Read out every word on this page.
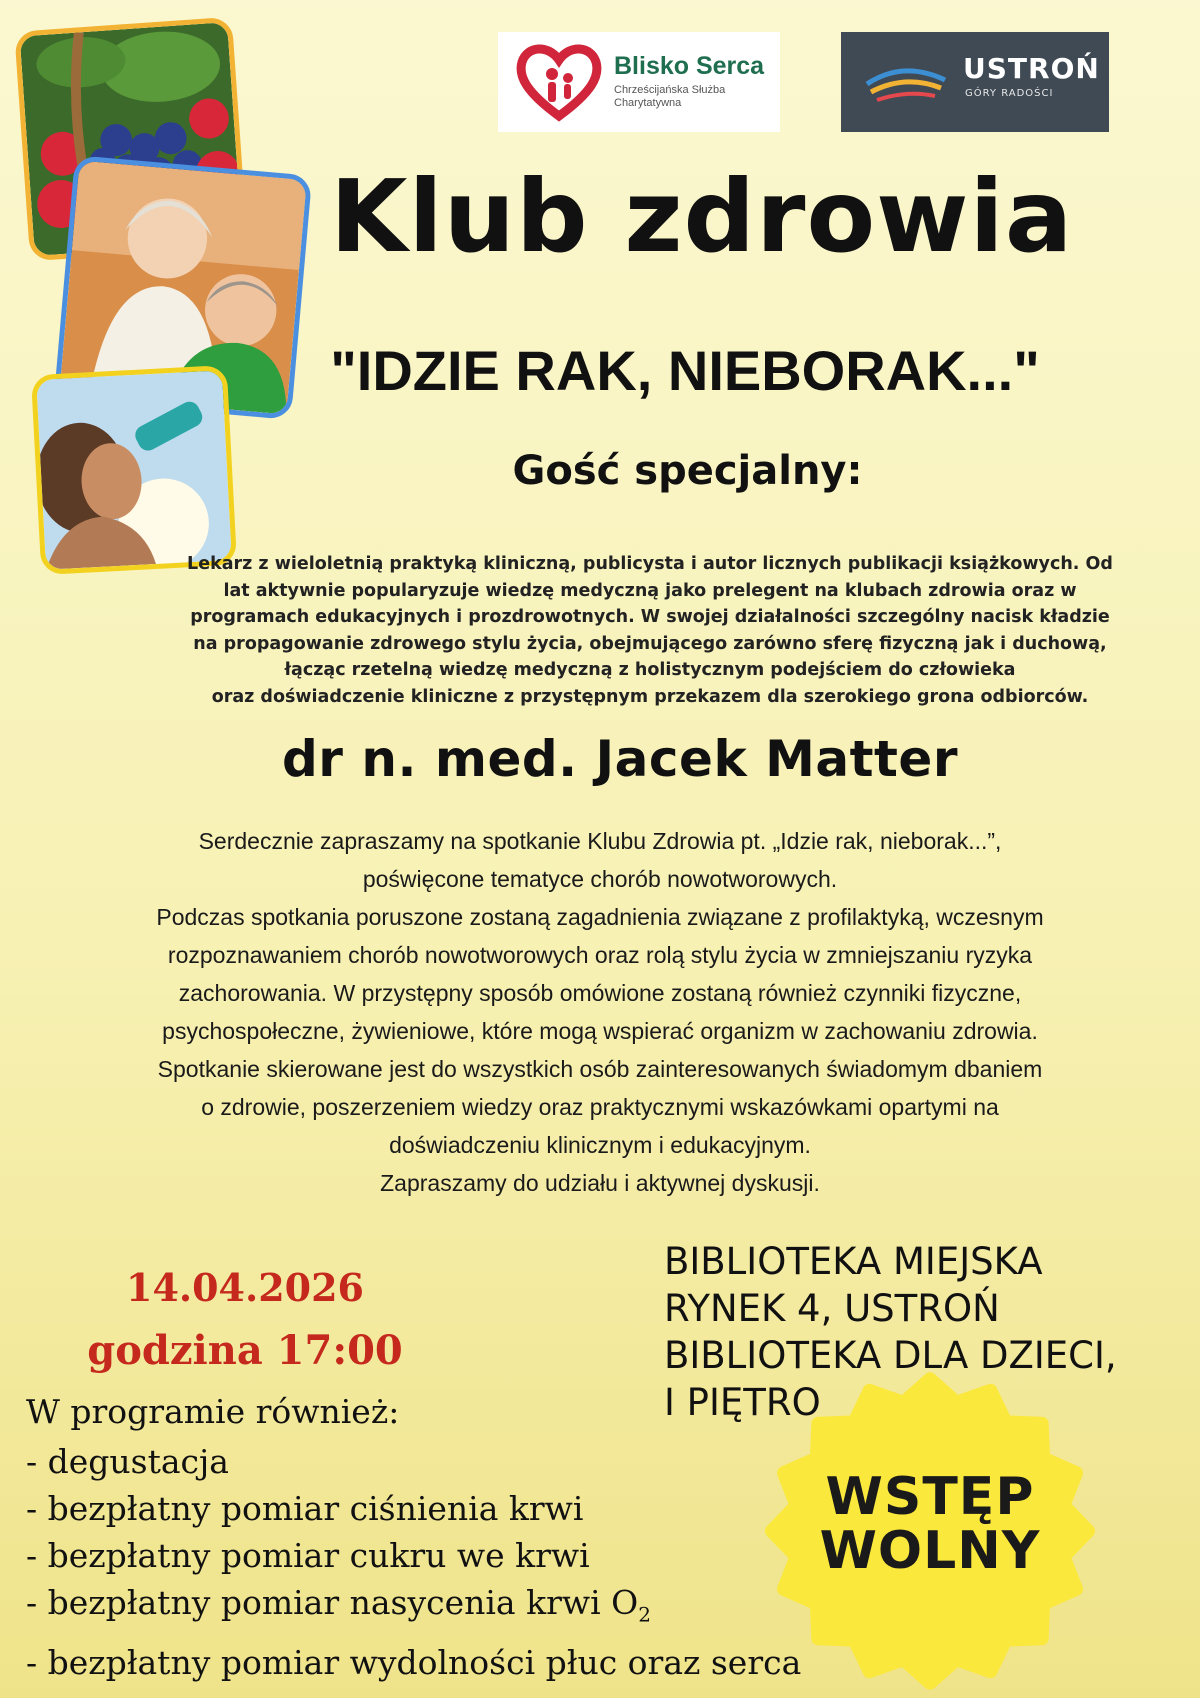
Blisko Serca
Chrześcijańska Służba Charytatywna
USTROŃ
GÓRY RADOŚCI
Klub zdrowia
"IDZIE RAK, NIEBORAK..."
Gość specjalny:
Lekarz z wieloletnią praktyką kliniczną, publicysta i autor licznych publikacji książkowych. Od
lat aktywnie popularyzuje wiedzę medyczną jako prelegent na klubach zdrowia oraz w
programach edukacyjnych i prozdrowotnych. W swojej działalności szczególny nacisk kładzie
na propagowanie zdrowego stylu życia, obejmującego zarówno sferę fizyczną jak i duchową,
łącząc rzetelną wiedzę medyczną z holistycznym podejściem do człowieka
oraz doświadczenie kliniczne z przystępnym przekazem dla szerokiego grona odbiorców.
dr n. med. Jacek Matter
Serdecznie zapraszamy na spotkanie Klubu Zdrowia pt. „Idzie rak, nieborak...”,
poświęcone tematyce chorób nowotworowych.
Podczas spotkania poruszone zostaną zagadnienia związane z profilaktyką, wczesnym
rozpoznawaniem chorób nowotworowych oraz rolą stylu życia w zmniejszaniu ryzyka
zachorowania. W przystępny sposób omówione zostaną również czynniki fizyczne,
psychospołeczne, żywieniowe, które mogą wspierać organizm w zachowaniu zdrowia.
Spotkanie skierowane jest do wszystkich osób zainteresowanych świadomym dbaniem
o zdrowie, poszerzeniem wiedzy oraz praktycznymi wskazówkami opartymi na
doświadczeniu klinicznym i edukacyjnym.
Zapraszamy do udziału i aktywnej dyskusji.
14.04.2026
godzina 17:00
BIBLIOTEKA MIEJSKA
RYNEK 4, USTROŃ
BIBLIOTEKA DLA DZIECI,
I PIĘTRO
WSTĘP
WOLNY
W programie również:
- degustacja
- bezpłatny pomiar ciśnienia krwi
- bezpłatny pomiar cukru we krwi
- bezpłatny pomiar nasycenia krwi $O_2$
- bezpłatny pomiar wydolności płuc oraz serca
